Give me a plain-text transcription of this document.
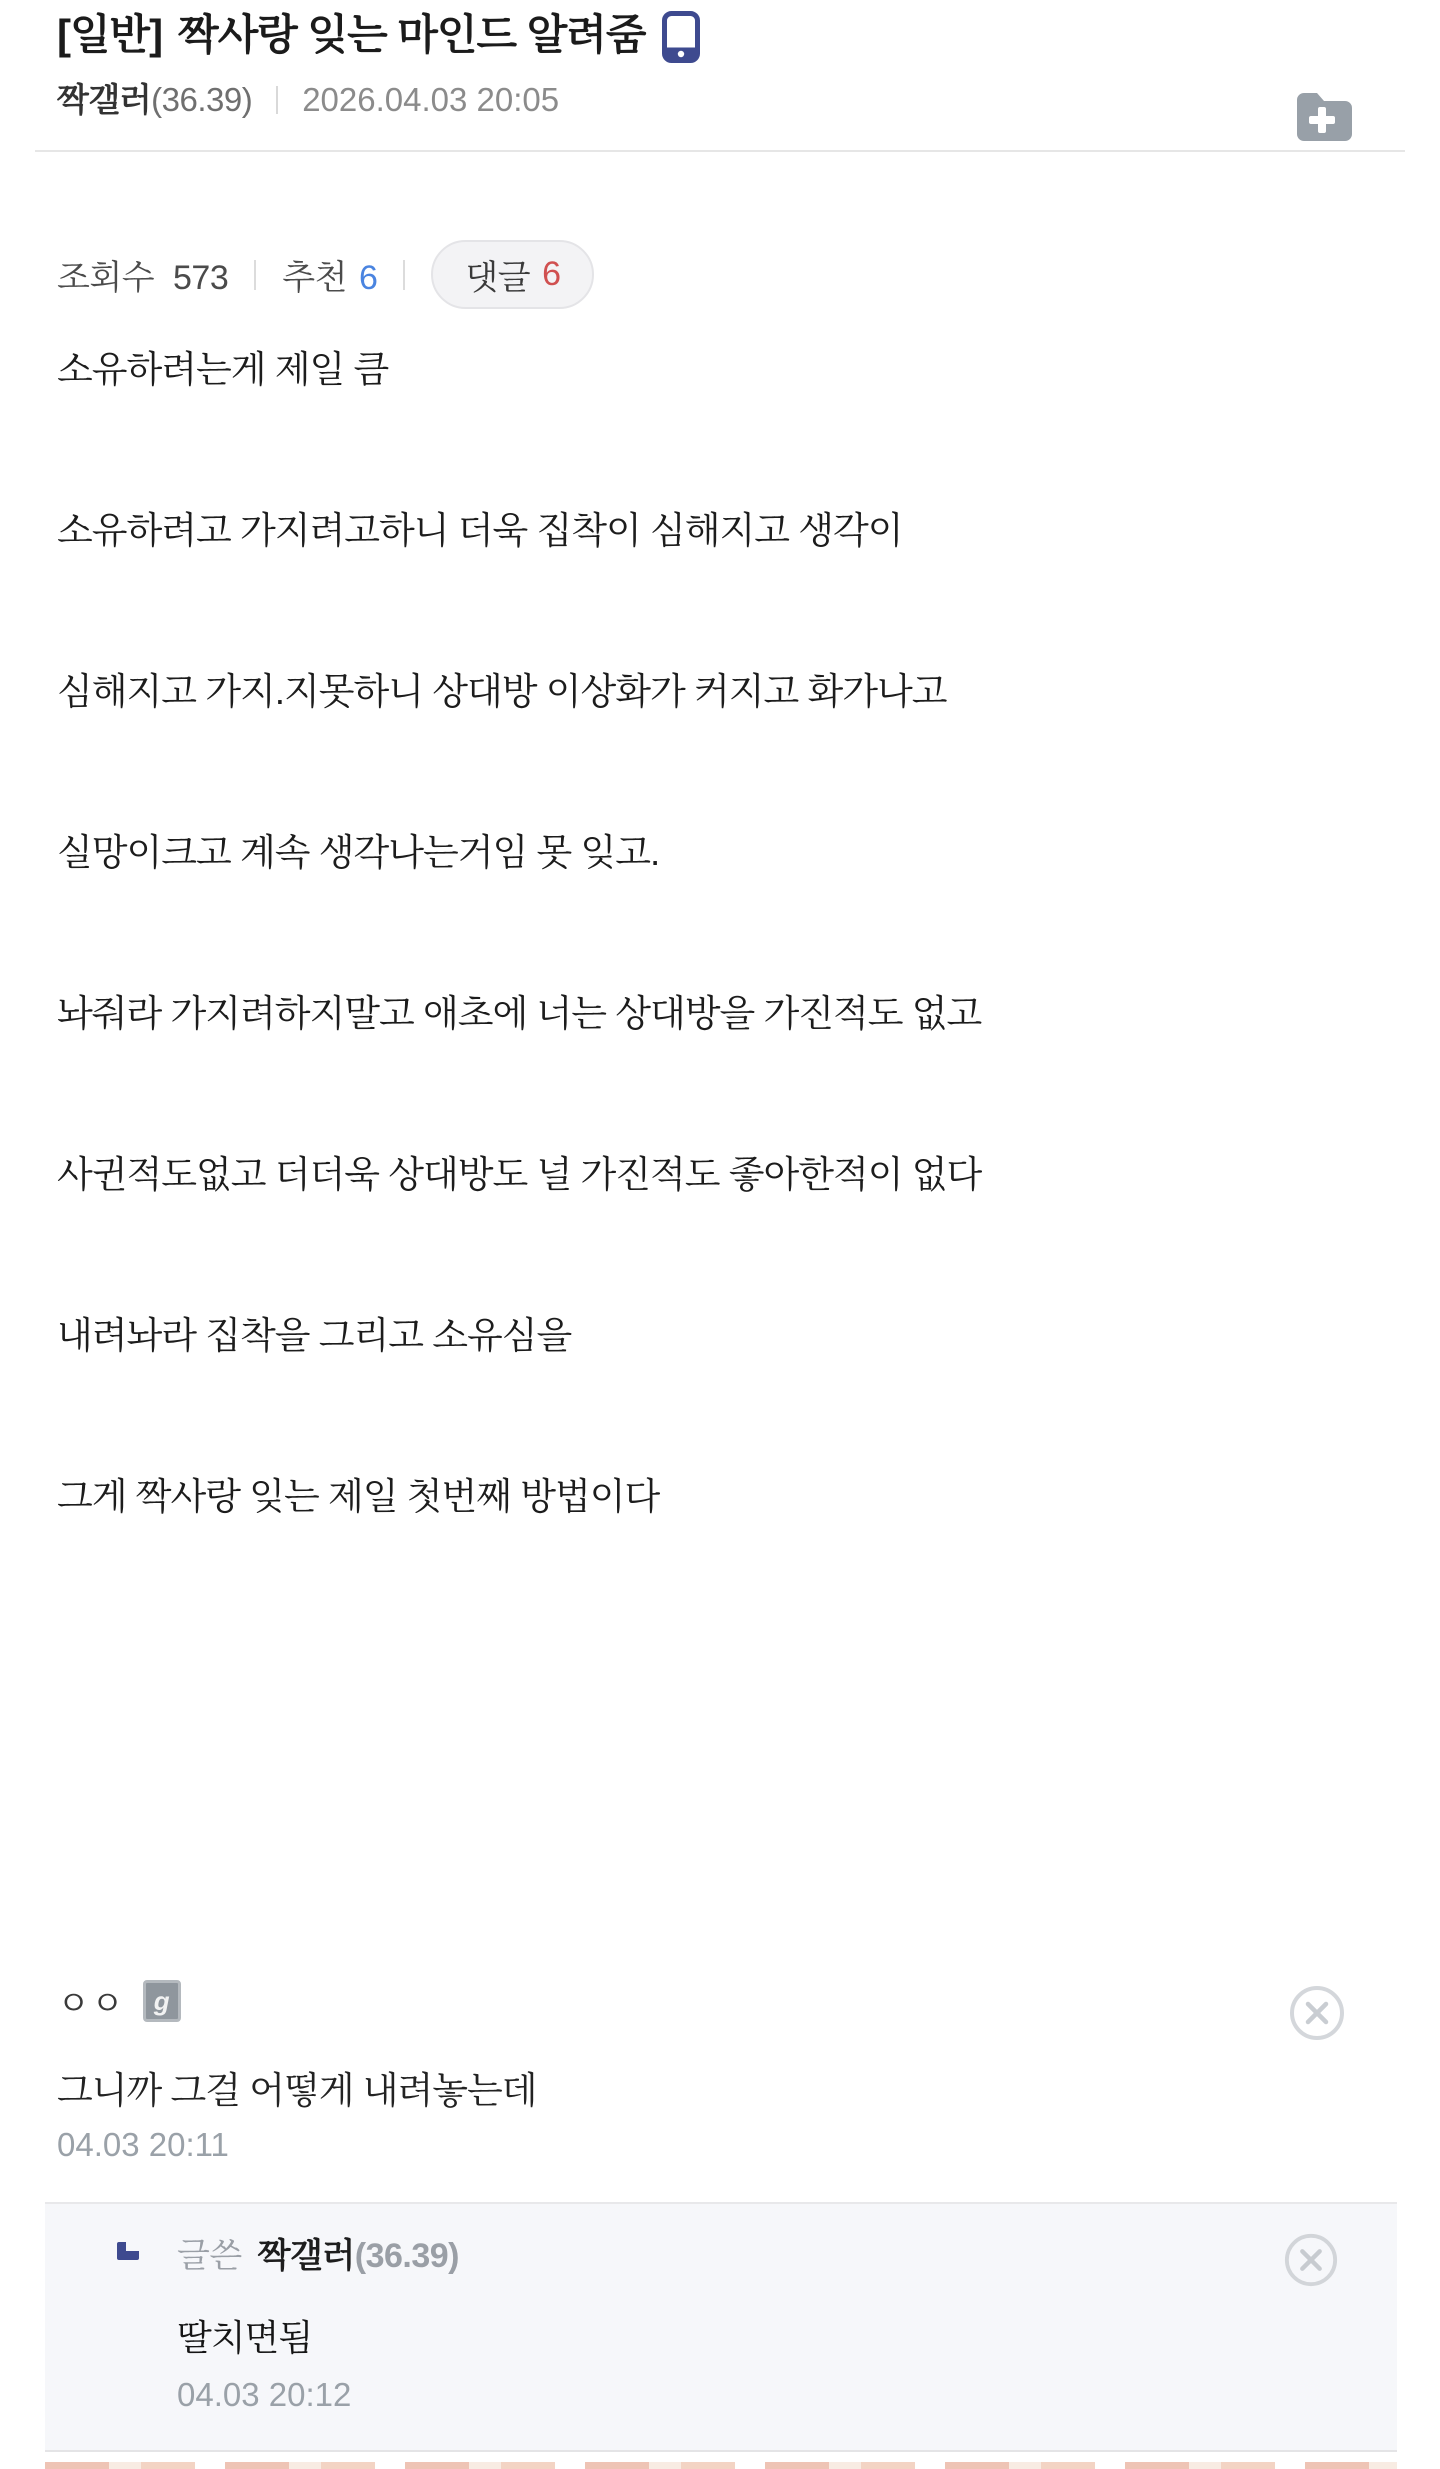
[일반] 짝사랑 잊는 마인드 알려줌
짝갤러(36.39) 2026.04.03 20:05
조회수 573 추천 6	댓글 6

소유하려는게 제일 큼

소유하려고 가지려고하니 더욱 집착이 심해지고 생각이

심해지고 가지.지못하니 상대방 이상화가 커지고 화가나고

실망이크고 계속 생각나는거임 못 잊고.

놔줘라 가지려하지말고 애초에 너는 상대방을 가진적도 없고

사귄적도없고 더더욱 상대방도 널 가진적도 좋아한적이 없다

내려놔라 집착을 그리고 소유심을

그게 짝사랑 잊는 제일 첫번째 방법이다

ㅇㅇ	g
그니까 그걸 어떻게 내려놓는데
04.03 20:11
글쓴 짝갤러(36.39)
딸치면됨
04.03 20:12
